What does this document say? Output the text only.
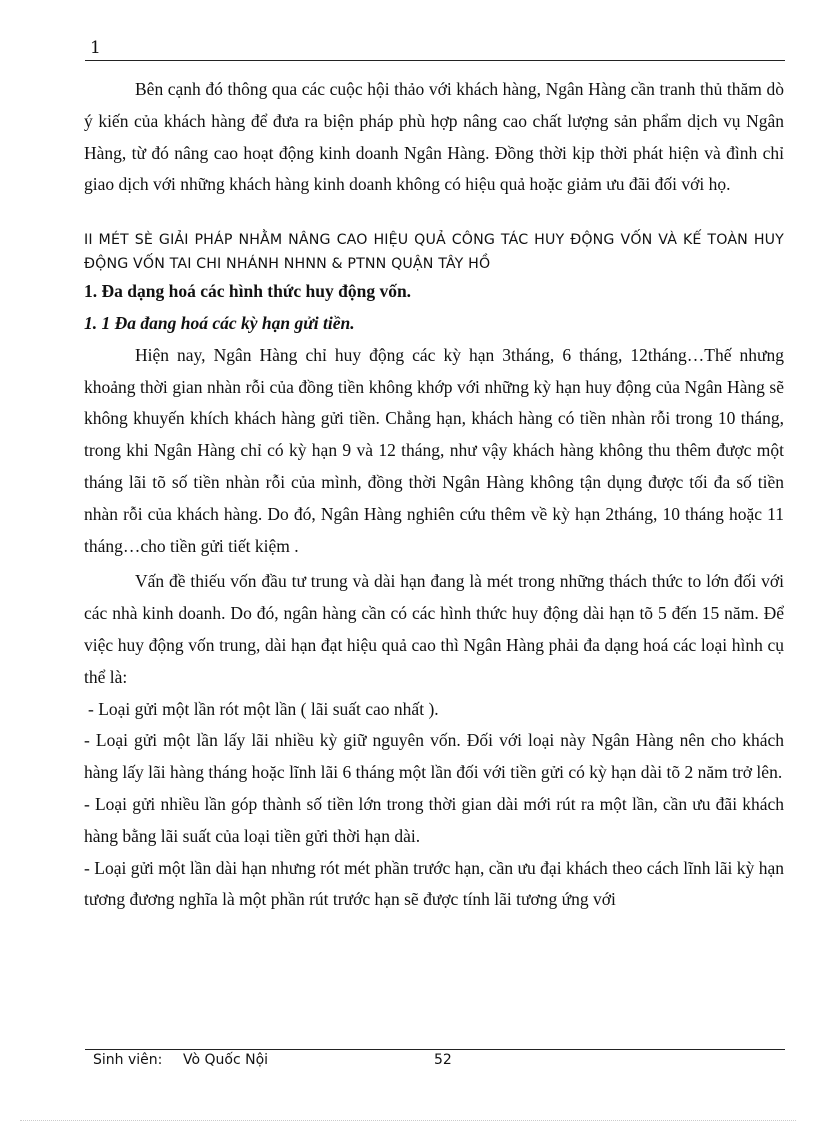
1

Bên cạnh đó thông qua các cuộc hội thảo với khách hàng, Ngân Hàng cần tranh thủ thăm dò ý kiến của khách hàng để đưa ra biện pháp phù hợp nâng cao chất lượng sản phẩm dịch vụ Ngân Hàng, từ đó nâng cao hoạt động kinh doanh Ngân Hàng. Đồng thời kịp thời phát hiện và đình chỉ giao dịch với những khách hàng kinh doanh không có hiệu quả hoặc giảm ưu đãi đối với họ.

II MÉT SÈ GIẢI PHÁP NHẰM NÂNG CAO HIỆU QUẢ CÔNG TÁC HUY ĐỘNG VỐN VÀ KẾ TOÀN HUY ĐỘNG VỐN TAI CHI NHÁNH NHNN & PTNN QUẬN TÂY HỒ

1. Đa dạng hoá các hình thức huy động vốn.

1. 1 Đa đang hoá các kỳ hạn gửi tiền.

Hiện nay, Ngân Hàng chỉ huy động các kỳ hạn 3tháng, 6 tháng, 12tháng…Thế nhưng khoảng thời gian nhàn rỗi của đồng tiền không khớp với những kỳ hạn huy động của Ngân Hàng sẽ không khuyến khích khách hàng gửi tiền. Chẳng hạn, khách hàng có tiền nhàn rỗi trong 10 tháng, trong khi Ngân Hàng chỉ có kỳ hạn 9 và 12 tháng, như vậy khách hàng không thu thêm được một tháng lãi tõ số tiền nhàn rỗi của mình, đồng thời Ngân Hàng không tận dụng được tối đa số tiền nhàn rỗi của khách hàng. Do đó, Ngân Hàng nghiên cứu thêm về kỳ hạn 2tháng, 10 tháng hoặc 11 tháng…cho tiền gửi tiết kiệm .

Vấn đề thiếu vốn đầu tư trung và dài hạn đang là mét trong những thách thức to lớn đối với các nhà kinh doanh. Do đó, ngân hàng cần có các hình thức huy động dài hạn tõ 5 đến 15 năm. Để việc huy động vốn trung, dài hạn đạt hiệu quả cao thì Ngân Hàng phải đa dạng hoá các loại hình cụ thể là:

- Loại gửi một lần rót một lần ( lãi suất cao nhất ).

- Loại gửi một lần lấy lãi nhiều kỳ giữ nguyên vốn. Đối với loại này Ngân Hàng nên cho khách hàng lấy lãi hàng tháng hoặc lĩnh lãi 6 tháng một lần đối với tiền gửi có kỳ hạn dài tõ 2 năm trở lên.

- Loại gửi nhiều lần góp thành số tiền lớn trong thời gian dài mới rút ra một lần, cần ưu đãi khách hàng bằng lãi suất của loại tiền gửi thời hạn dài.

- Loại gửi một lần dài hạn nhưng rót mét phần trước hạn, cần ưu đại khách theo cách lĩnh lãi kỳ hạn tương đương nghĩa là một phần rút trước hạn sẽ được tính lãi tương ứng với

Sinh viên: Vò Quốc Nội	52
